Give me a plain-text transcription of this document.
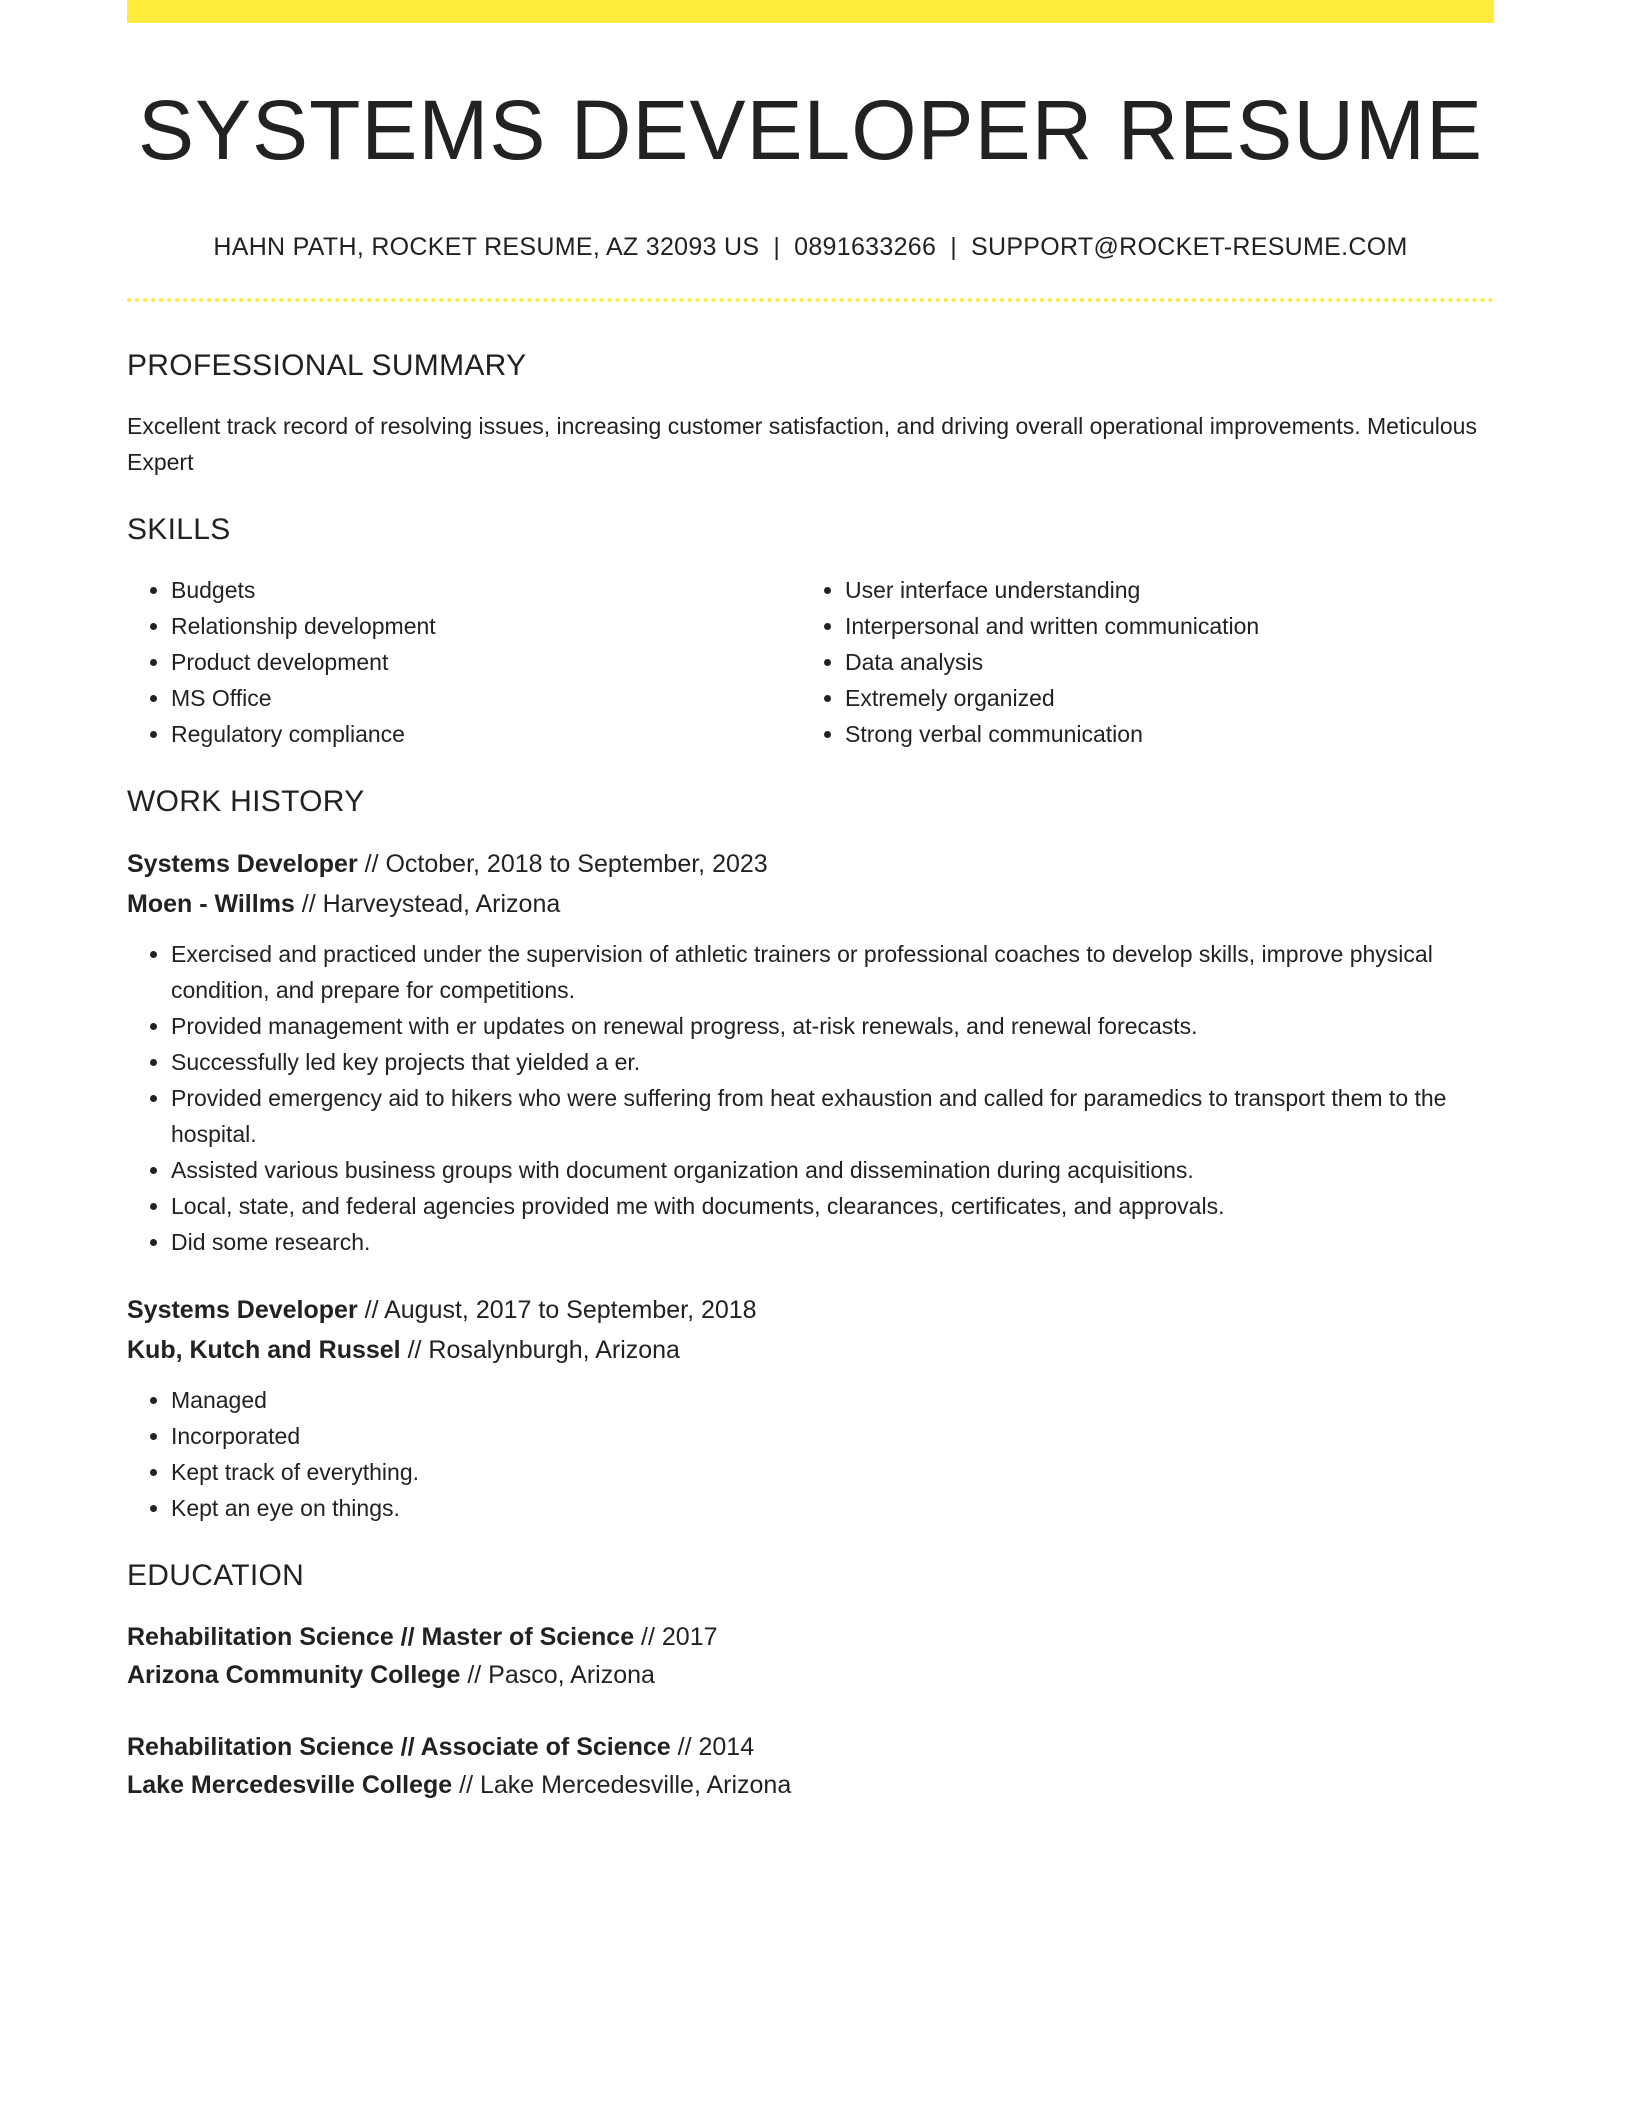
SYSTEMS DEVELOPER RESUME
HAHN PATH, ROCKET RESUME, AZ 32093 US | 0891633266 | SUPPORT@ROCKET-RESUME.COM
PROFESSIONAL SUMMARY
Excellent track record of resolving issues, increasing customer satisfaction, and driving overall operational improvements. Meticulous Expert
SKILLS
• Budgets
• Relationship development
• Product development
• MS Office
• Regulatory compliance
• User interface understanding
• Interpersonal and written communication
• Data analysis
• Extremely organized
• Strong verbal communication
WORK HISTORY
Systems Developer // October, 2018 to September, 2023
Moen - Willms // Harveystead, Arizona
• Exercised and practiced under the supervision of athletic trainers or professional coaches to develop skills, improve physical condition, and prepare for competitions.
• Provided management with er updates on renewal progress, at-risk renewals, and renewal forecasts.
• Successfully led key projects that yielded a er.
• Provided emergency aid to hikers who were suffering from heat exhaustion and called for paramedics to transport them to the hospital.
• Assisted various business groups with document organization and dissemination during acquisitions.
• Local, state, and federal agencies provided me with documents, clearances, certificates, and approvals.
• Did some research.
Systems Developer // August, 2017 to September, 2018
Kub, Kutch and Russel // Rosalynburgh, Arizona
• Managed
• Incorporated
• Kept track of everything.
• Kept an eye on things.
EDUCATION
Rehabilitation Science // Master of Science // 2017
Arizona Community College // Pasco, Arizona
Rehabilitation Science // Associate of Science // 2014
Lake Mercedesville College // Lake Mercedesville, Arizona
